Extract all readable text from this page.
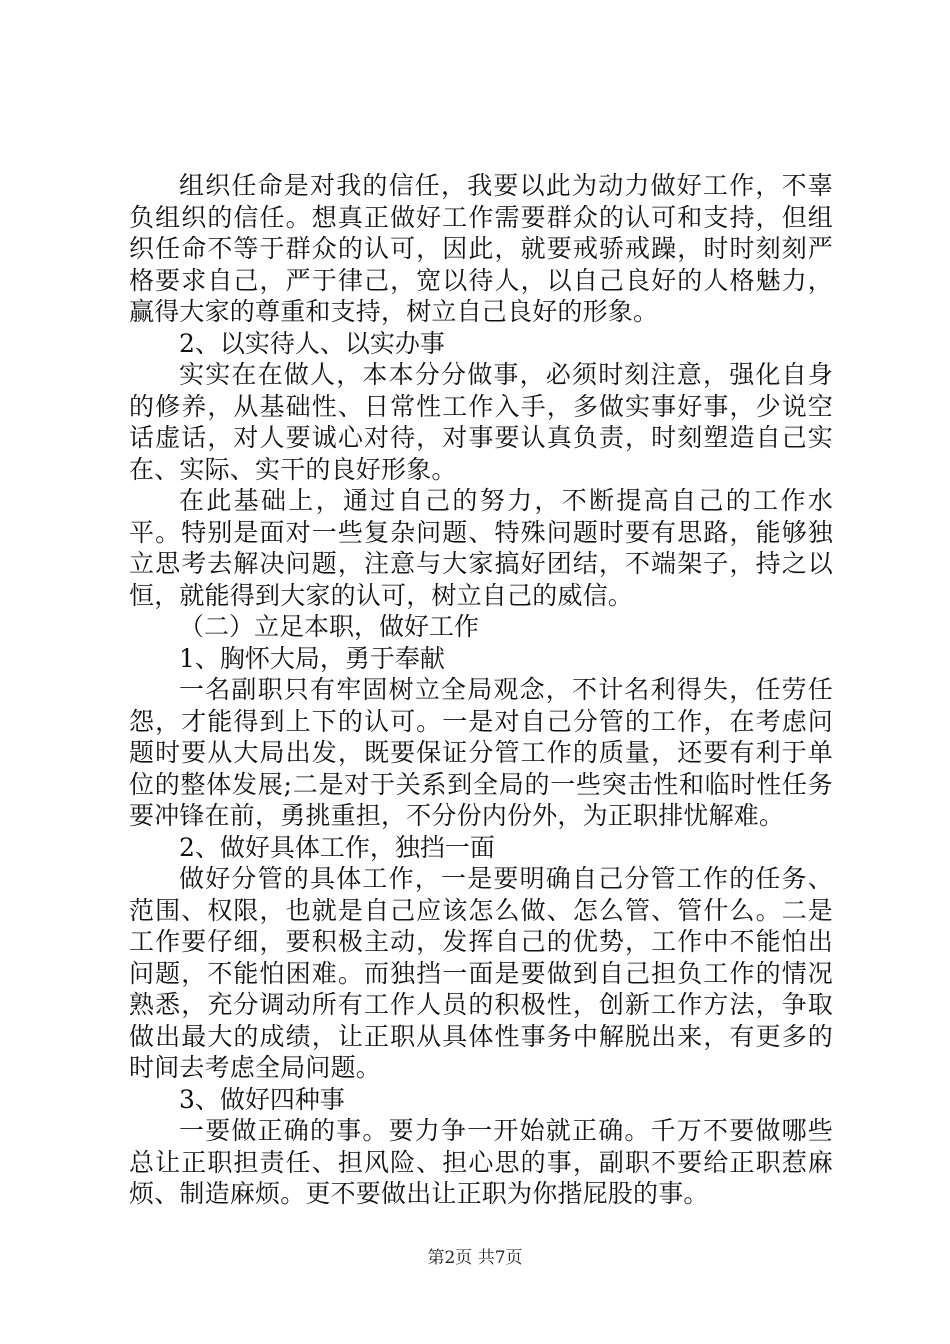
组织任命是对我的信任，我要以此为动力做好工作，不辜负组织的信任。想真正做好工作需要群众的认可和支持，但组织任命不等于群众的认可，因此，就要戒骄戒躁，时时刻刻严格要求自己，严于律己，宽以待人，以自己良好的人格魅力，赢得大家的尊重和支持，树立自己良好的形象。

2、以实待人、以实办事

实实在在做人，本本分分做事，必须时刻注意，强化自身的修养，从基础性、日常性工作入手，多做实事好事，少说空话虚话，对人要诚心对待，对事要认真负责，时刻塑造自己实在、实际、实干的良好形象。

在此基础上，通过自己的努力，不断提高自己的工作水平。特别是面对一些复杂问题、特殊问题时要有思路，能够独立思考去解决问题，注意与大家搞好团结，不端架子，持之以恒，就能得到大家的认可，树立自己的威信。

（二）立足本职，做好工作

1、胸怀大局，勇于奉献

一名副职只有牢固树立全局观念，不计名利得失，任劳任怨，才能得到上下的认可。一是对自己分管的工作，在考虑问题时要从大局出发，既要保证分管工作的质量，还要有利于单位的整体发展;二是对于关系到全局的一些突击性和临时性任务要冲锋在前，勇挑重担，不分份内份外，为正职排忧解难。

2、做好具体工作，独挡一面

做好分管的具体工作，一是要明确自己分管工作的任务、范围、权限，也就是自己应该怎么做、怎么管、管什么。二是工作要仔细，要积极主动，发挥自己的优势，工作中不能怕出问题，不能怕困难。而独挡一面是要做到自己担负工作的情况熟悉，充分调动所有工作人员的积极性，创新工作方法，争取做出最大的成绩，让正职从具体性事务中解脱出来，有更多的时间去考虑全局问题。

3、做好四种事

一要做正确的事。要力争一开始就正确。千万不要做哪些总让正职担责任、担风险、担心思的事，副职不要给正职惹麻烦、制造麻烦。更不要做出让正职为你揩屁股的事。

第2页 共7页
